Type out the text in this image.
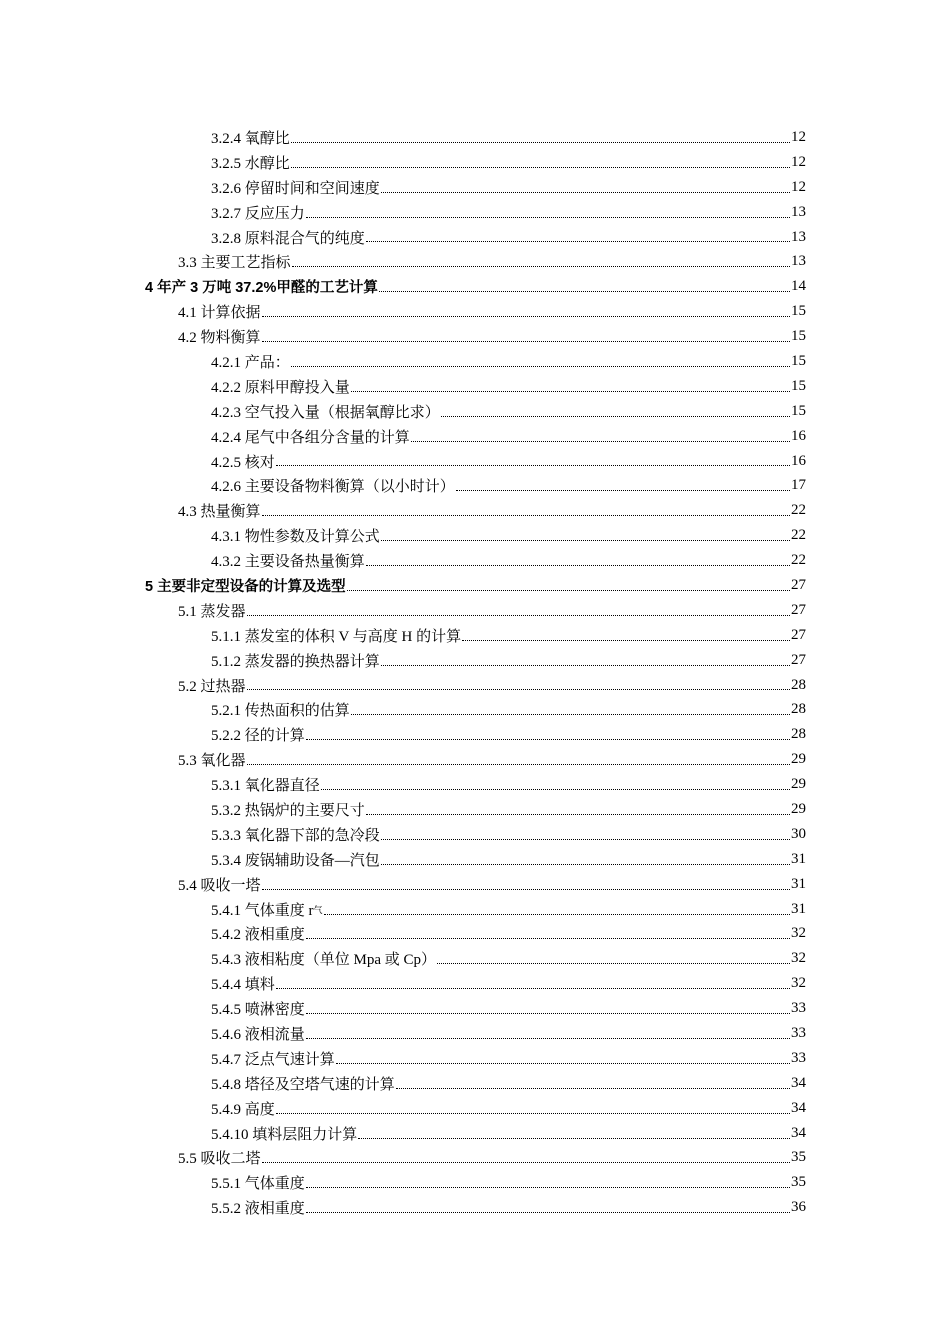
3.2.4 氧醇比	12
3.2.5 水醇比	12
3.2.6 停留时间和空间速度	12
3.2.7 反应压力	13
3.2.8 原料混合气的纯度	13
3.3 主要工艺指标	13
4 年产 3 万吨 37.2%甲醛的工艺计算	14
4.1 计算依据	15
4.2 物料衡算	15
4.2.1 产品：	15
4.2.2 原料甲醇投入量	15
4.2.3 空气投入量（根据氧醇比求）	15
4.2.4 尾气中各组分含量的计算	16
4.2.5 核对	16
4.2.6 主要设备物料衡算（以小时计）	17
4.3 热量衡算	22
4.3.1 物性参数及计算公式	22
4.3.2 主要设备热量衡算	22
5 主要非定型设备的计算及选型	27
5.1 蒸发器	27
5.1.1 蒸发室的体积 V 与高度 H 的计算	27
5.1.2 蒸发器的换热器计算	27
5.2 过热器	28
5.2.1 传热面积的估算	28
5.2.2 径的计算	28
5.3 氧化器	29
5.3.1 氧化器直径	29
5.3.2 热锅炉的主要尺寸	29
5.3.3 氧化器下部的急冷段	30
5.3.4 废锅辅助设备—汽包	31
5.4 吸收一塔	31
5.4.1 气体重度 r 气	31
5.4.2 液相重度	32
5.4.3 液相粘度（单位 Mpa 或 Cp）	32
5.4.4 填料	32
5.4.5 喷淋密度	33
5.4.6 液相流量	33
5.4.7 泛点气速计算	33
5.4.8 塔径及空塔气速的计算	34
5.4.9 高度	34
5.4.10 填料层阻力计算	34
5.5 吸收二塔	35
5.5.1 气体重度	35
5.5.2 液相重度	36
